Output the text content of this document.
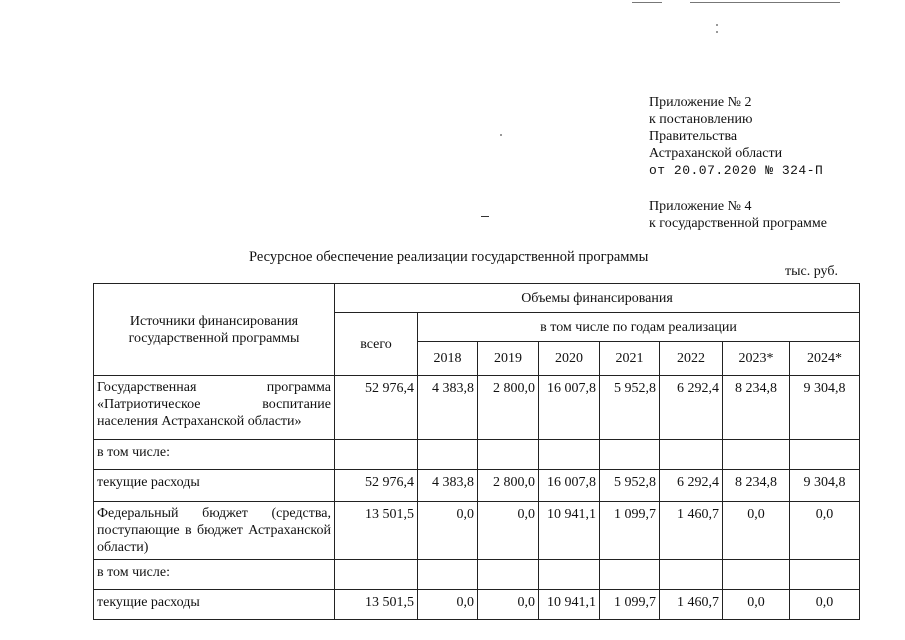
Приложение № 2
к постановлению
Правительства
Астраханской области
от 20.07.2020 № 324-П
Приложение № 4
к государственной программе
Ресурсное обеспечение реализации государственной программы
тыс. руб.
Источники финансирования государственной программы	Объемы финансирования							
	всего	в том числе по годам реализации						
		2018	2019	2020	2021	2022	2023*	2024*
Государственная программа «Патриотическое воспитание населения Астраханской области»	52 976,4	4 383,8	2 800,0	16 007,8	5 952,8	6 292,4	8 234,8	9 304,8
в том числе:								
текущие расходы	52 976,4	4 383,8	2 800,0	16 007,8	5 952,8	6 292,4	8 234,8	9 304,8
Федеральный бюджет (средства, поступающие в бюджет Астраханской области)	13 501,5	0,0	0,0	10 941,1	1 099,7	1 460,7	0,0	0,0
в том числе:								
текущие расходы	13 501,5	0,0	0,0	10 941,1	1 099,7	1 460,7	0,0	0,0
